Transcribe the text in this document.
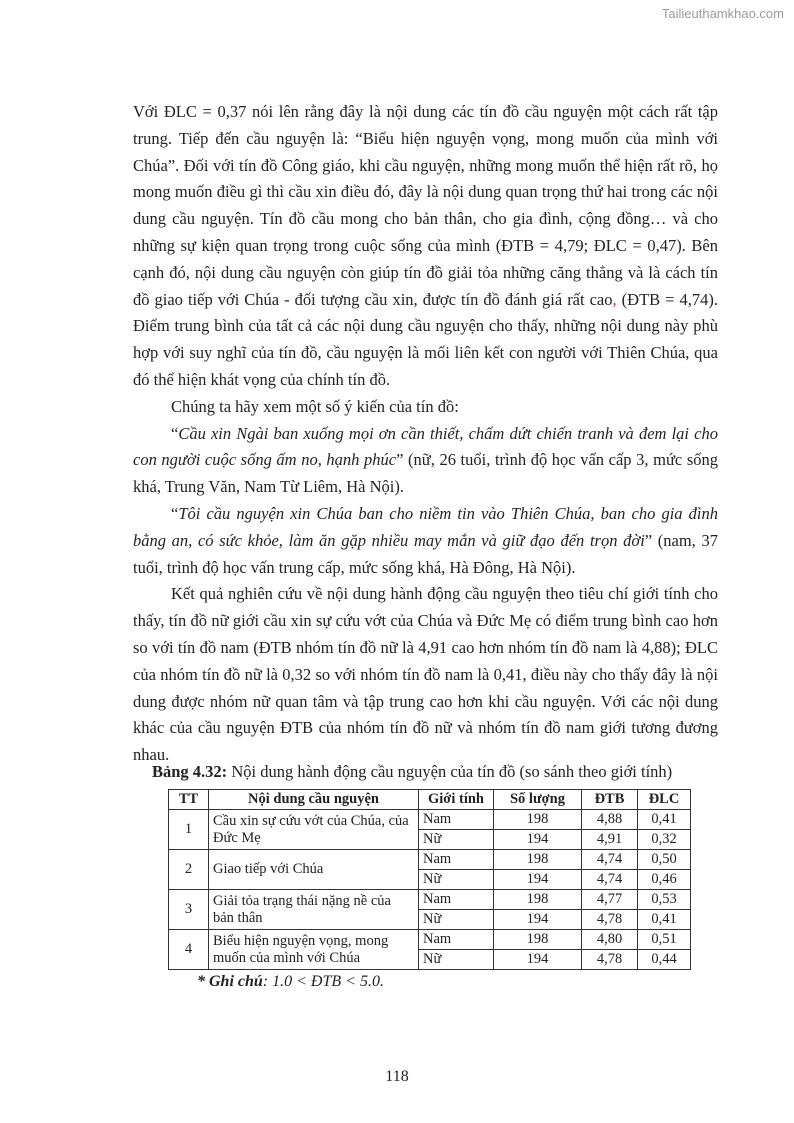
Tailieuthamkhao.com

Với ĐLC = 0,37 nói lên rằng đây là nội dung các tín đồ cầu nguyện một cách rất tập trung. Tiếp đến cầu nguyện là: “Biểu hiện nguyện vọng, mong muốn của mình với Chúa”. Đối với tín đồ Công giáo, khi cầu nguyện, những mong muốn thể hiện rất rõ, họ mong muốn điều gì thì cầu xin điều đó, đây là nội dung quan trọng thứ hai trong các nội dung cầu nguyện. Tín đồ cầu mong cho bản thân, cho gia đình, cộng đồng… và cho những sự kiện quan trọng trong cuộc sống của mình (ĐTB = 4,79; ĐLC = 0,47). Bên cạnh đó, nội dung cầu nguyện còn giúp tín đồ giải tỏa những căng thẳng và là cách tín đồ giao tiếp với Chúa - đối tượng cầu xin, được tín đồ đánh giá rất cao, (ĐTB = 4,74). Điểm trung bình của tất cả các nội dung cầu nguyện cho thấy, những nội dung này phù hợp với suy nghĩ của tín đồ, cầu nguyện là mối liên kết con người với Thiên Chúa, qua đó thể hiện khát vọng của chính tín đồ.

Chúng ta hãy xem một số ý kiến của tín đồ:

“Cầu xin Ngài ban xuống mọi ơn cần thiết, chấm dứt chiến tranh và đem lại cho con người cuộc sống ấm no, hạnh phúc” (nữ, 26 tuổi, trình độ học vấn cấp 3, mức sống khá, Trung Văn, Nam Từ Liêm, Hà Nội).

“Tôi cầu nguyện xin Chúa ban cho niềm tin vào Thiên Chúa, ban cho gia đình bằng an, có sức khỏe, làm ăn gặp nhiều may mắn và giữ đạo đến trọn đời” (nam, 37 tuổi, trình độ học vấn trung cấp, mức sống khá, Hà Đông, Hà Nội).

Kết quả nghiên cứu về nội dung hành động cầu nguyện theo tiêu chí giới tính cho thấy, tín đồ nữ giới cầu xin sự cứu vớt của Chúa và Đức Mẹ có điểm trung bình cao hơn so với tín đồ nam (ĐTB nhóm tín đồ nữ là 4,91 cao hơn nhóm tín đồ nam là 4,88); ĐLC của nhóm tín đồ nữ là 0,32 so với nhóm tín đồ nam là 0,41, điều này cho thấy đây là nội dung được nhóm nữ quan tâm và tập trung cao hơn khi cầu nguyện. Với các nội dung khác của cầu nguyện ĐTB của nhóm tín đồ nữ và nhóm tín đồ nam giới tương đương nhau.

Bảng 4.32: Nội dung hành động cầu nguyện của tín đồ (so sánh theo giới tính)
TT	Nội dung cầu nguyện	Giới tính	Số lượng	ĐTB	ĐLC
1	Cầu xin sự cứu vớt của Chúa, của Đức Mẹ	Nam	198	4,88	0,41
		Nữ	194	4,91	0,32
2	Giao tiếp với Chúa	Nam	198	4,74	0,50
		Nữ	194	4,74	0,46
3	Giải tỏa trạng thái nặng nề của bản thân	Nam	198	4,77	0,53
		Nữ	194	4,78	0,41
4	Biểu hiện nguyện vọng, mong muốn của mình với Chúa	Nam	198	4,80	0,51
		Nữ	194	4,78	0,44
* Ghi chú: 1.0 < ĐTB < 5.0.
118
